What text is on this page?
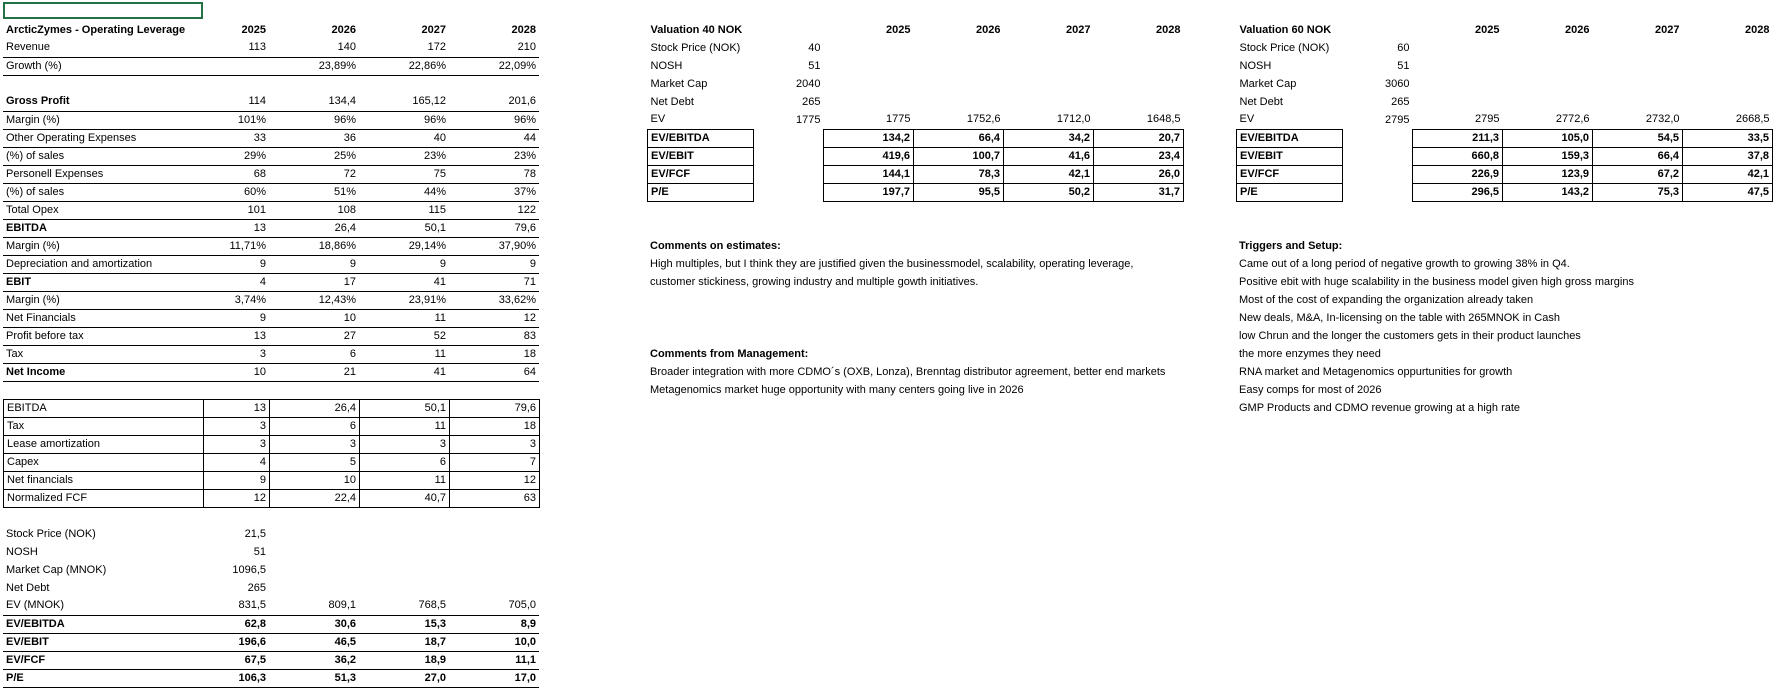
ArcticZymes - Operating Leverage	2025	2026	2027	2028
Revenue	113	140	172	210
Growth (%)		23,89%	22,86%	22,09%

Gross Profit	114	134,4	165,12	201,6
Margin (%)	101%	96%	96%	96%
Other Operating Expenses	33	36	40	44
(%) of sales	29%	25%	23%	23%
Personell Expenses	68	72	75	78
(%) of sales	60%	51%	44%	37%
Total Opex	101	108	115	122
EBITDA	13	26,4	50,1	79,6
Margin (%)	11,71%	18,86%	29,14%	37,90%
Depreciation and amortization	9	9	9	9
EBIT	4	17	41	71
Margin (%)	3,74%	12,43%	23,91%	33,62%
Net Financials	9	10	11	12
Profit before tax	13	27	52	83
Tax	3	6	11	18
Net Income	10	21	41	64
EBITDA	13	26,4	50,1	79,6
Tax	3	6	11	18
Lease amortization	3	3	3	3
Capex	4	5	6	7
Net financials	9	10	11	12
Normalized FCF	12	22,4	40,7	63
Stock Price (NOK)	21,5			
NOSH	51			
Market Cap (MNOK)	1096,5			
Net Debt	265			
EV (MNOK)	831,5	809,1	768,5	705,0
EV/EBITDA	62,8	30,6	15,3	8,9
EV/EBIT	196,6	46,5	18,7	10,0
EV/FCF	67,5	36,2	18,9	11,1
P/E	106,3	51,3	27,0	17,0
Valuation 40 NOK		2025	2026	2027	2028
Stock Price (NOK)	40				
NOSH	51				
Market Cap	2040				
Net Debt	265				
EV	1775	1775	1752,6	1712,0	1648,5
EV/EBITDA		134,2	66,4	34,2	20,7
EV/EBIT		419,6	100,7	41,6	23,4
EV/FCF		144,1	78,3	42,1	26,0
P/E		197,7	95,5	50,2	31,7
Valuation 60 NOK		2025	2026	2027	2028
Stock Price (NOK)	60				
NOSH	51				
Market Cap	3060				
Net Debt	265				
EV	2795	2795	2772,6	2732,0	2668,5
EV/EBITDA		211,3	105,0	54,5	33,5
EV/EBIT		660,8	159,3	66,4	37,8
EV/FCF		226,9	123,9	67,2	42,1
P/E		296,5	143,2	75,3	47,5
Comments on estimates:
High multiples, but I think they are justified given the businessmodel, scalability, operating leverage,
customer stickiness, growing industry and multiple gowth initiatives.
Comments from Management:
Broader integration with more CDMO´s (OXB, Lonza), Brenntag distributor agreement, better end markets
Metagenomics market huge opportunity with many centers going live in 2026
Triggers and Setup:
Came out of a long period of negative growth to growing 38% in Q4.
Positive ebit with huge scalability in the business model given high gross margins
Most of the cost of expanding the organization already taken
New deals, M&A, In-licensing on the table with 265MNOK in Cash
low Chrun and the longer the customers gets in their product launches
the more enzymes they need
RNA market and Metagenomics oppurtunities for growth
Easy comps for most of 2026
GMP Products and CDMO revenue growing at a high rate
